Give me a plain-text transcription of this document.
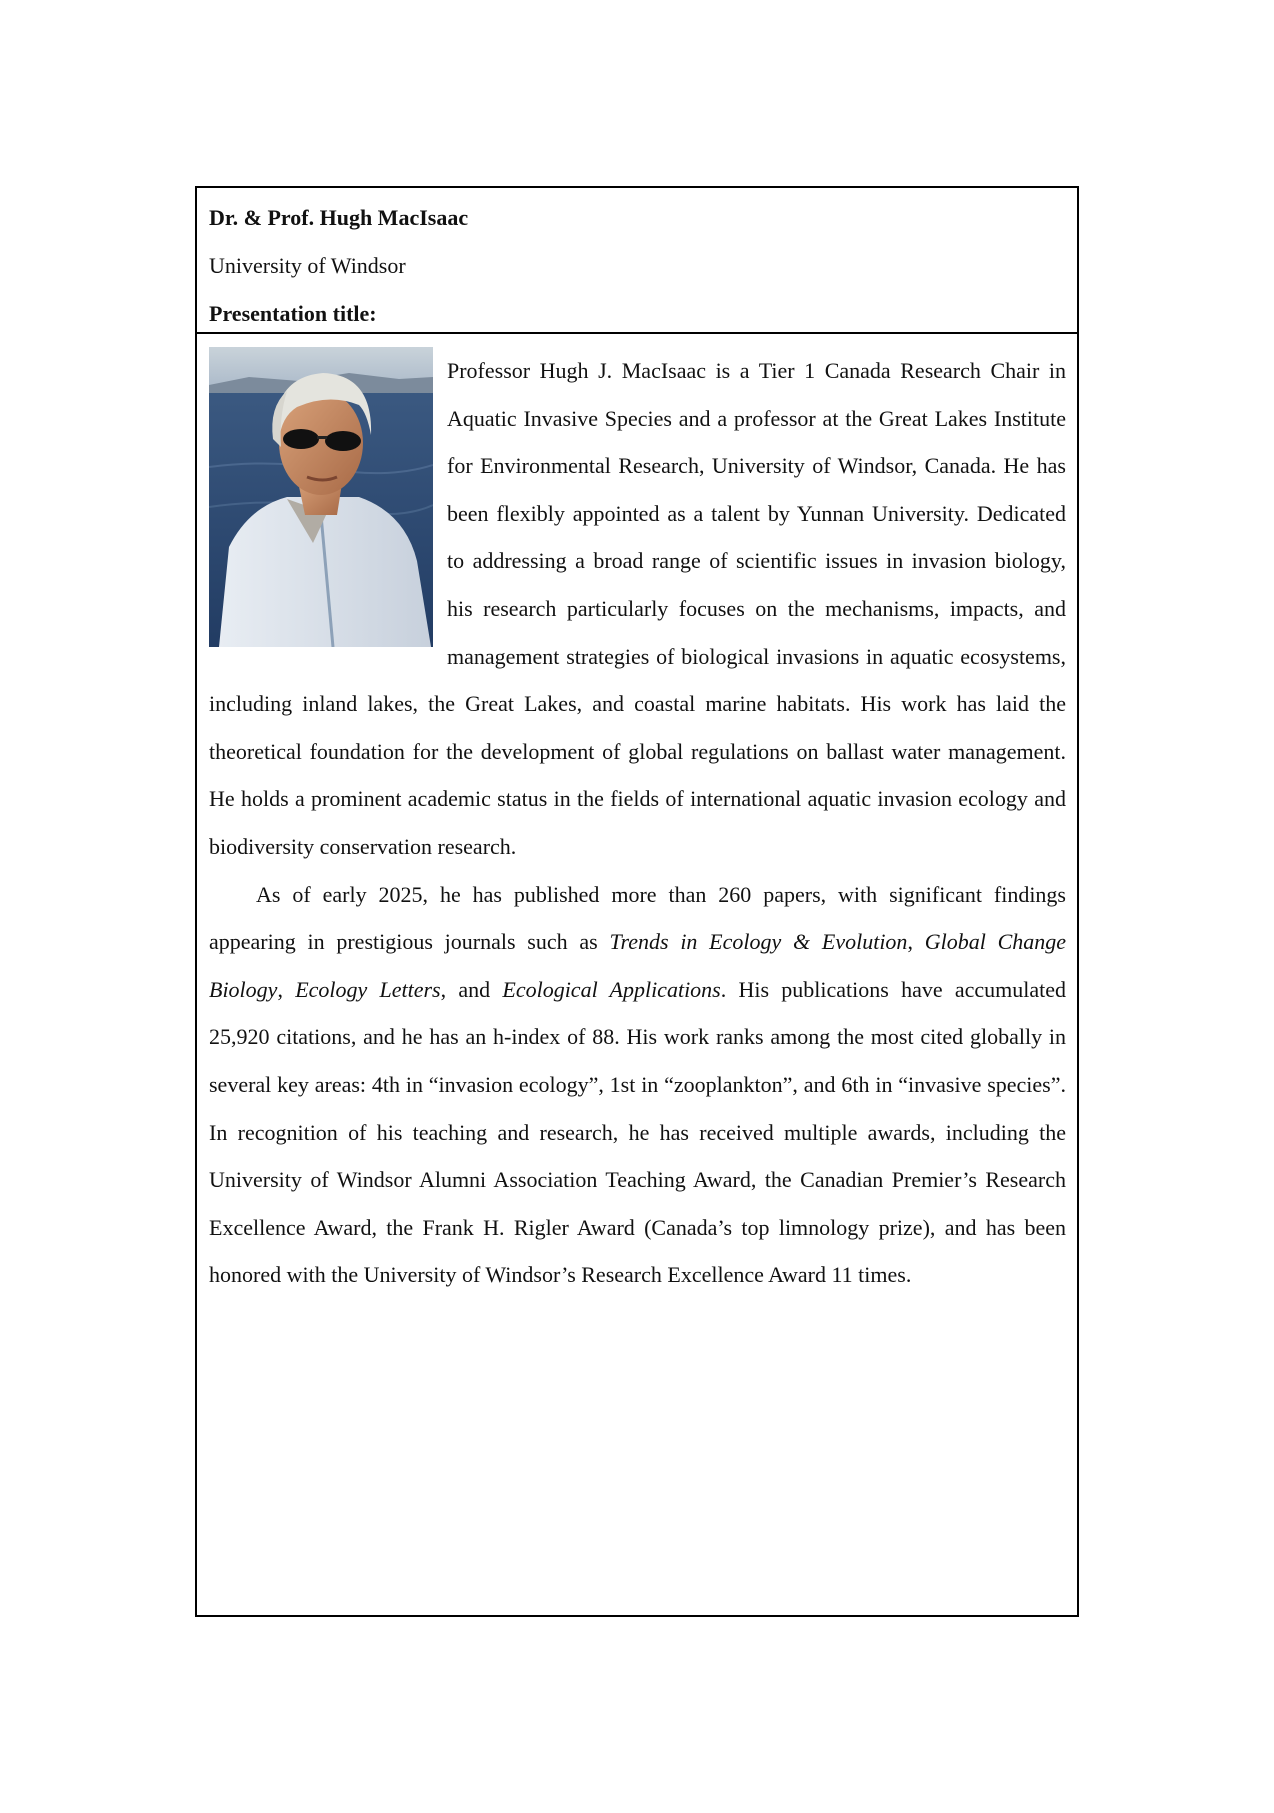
Dr. & Prof. Hugh MacIsaac
University of Windsor
Presentation title:

Professor Hugh J. MacIsaac is a Tier 1 Canada Research Chair in Aquatic Invasive Species and a professor at the Great Lakes Institute for Environmental Research, University of Windsor, Canada. He has been flexibly appointed as a talent by Yunnan University. Dedicated to addressing a broad range of scientific issues in invasion biology, his research particularly focuses on the mechanisms, impacts, and management strategies of biological invasions in aquatic ecosystems, including inland lakes, the Great Lakes, and coastal marine habitats. His work has laid the theoretical foundation for the development of global regulations on ballast water management. He holds a prominent academic status in the fields of international aquatic invasion ecology and biodiversity conservation research.

As of early 2025, he has published more than 260 papers, with significant findings appearing in prestigious journals such as Trends in Ecology & Evolution, Global Change Biology, Ecology Letters, and Ecological Applications. His publications have accumulated 25,920 citations, and he has an h-index of 88. His work ranks among the most cited globally in several key areas: 4th in “invasion ecology”, 1st in “zooplankton”, and 6th in “invasive species”. In recognition of his teaching and research, he has received multiple awards, including the University of Windsor Alumni Association Teaching Award, the Canadian Premier’s Research Excellence Award, the Frank H. Rigler Award (Canada’s top limnology prize), and has been honored with the University of Windsor’s Research Excellence Award 11 times.
